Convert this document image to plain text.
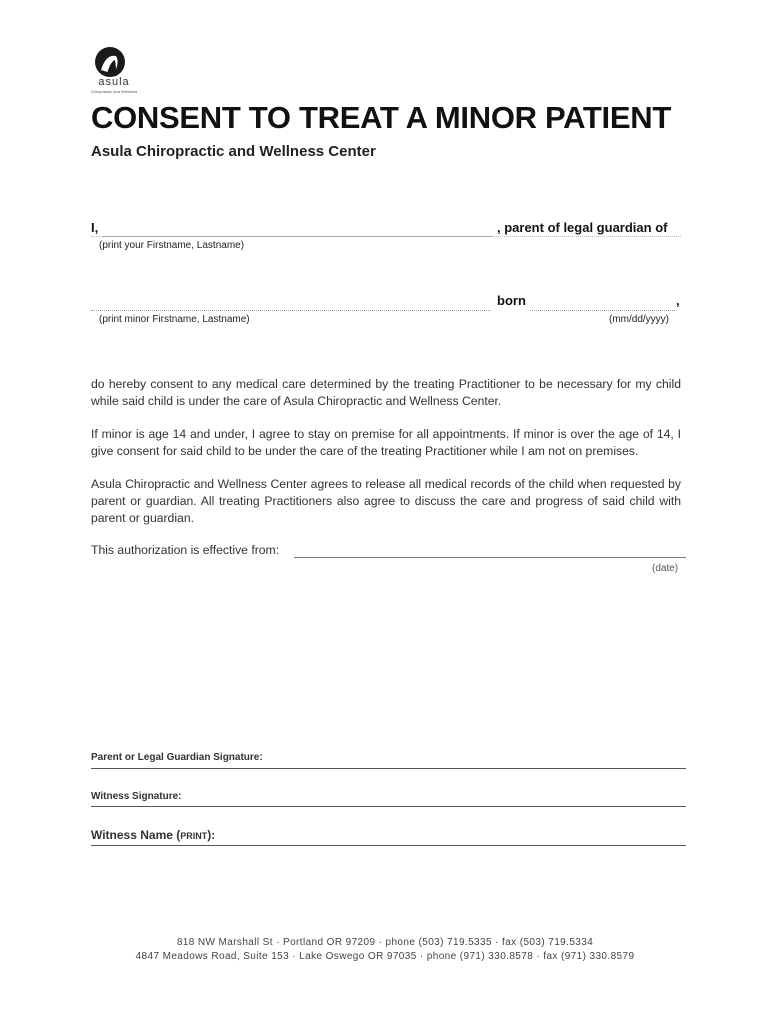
asula
Chiropractic and Wellness
CONSENT TO TREAT A MINOR PATIENT
Asula Chiropractic and Wellness Center
I,	, parent of legal guardian of
(print your Firstname, Lastname)
born	,
(print minor Firstname, Lastname)	(mm/dd/yyyy)
do hereby consent to any medical care determined by the treating Practitioner to be necessary for my child while said child is under the care of Asula Chiropractic and Wellness Center.
If minor is age 14 and under, I agree to stay on premise for all appointments. If minor is over the age of 14, I give consent for said child to be under the care of the treating Practitioner while I am not on premises.
Asula Chiropractic and Wellness Center agrees to release all medical records of the child when requested by parent or guardian. All treating Practitioners also agree to discuss the care and progress of said child with parent or guardian.
This authorization is effective from:
(date)
Parent or Legal Guardian Signature:
Witness Signature:
Witness Name (PRINT):
818 NW Marshall St · Portland OR 97209 · phone (503) 719.5335 · fax (503) 719.5334
4847 Meadows Road, Suite 153 · Lake Oswego OR 97035 · phone (971) 330.8578 · fax (971) 330.8579
